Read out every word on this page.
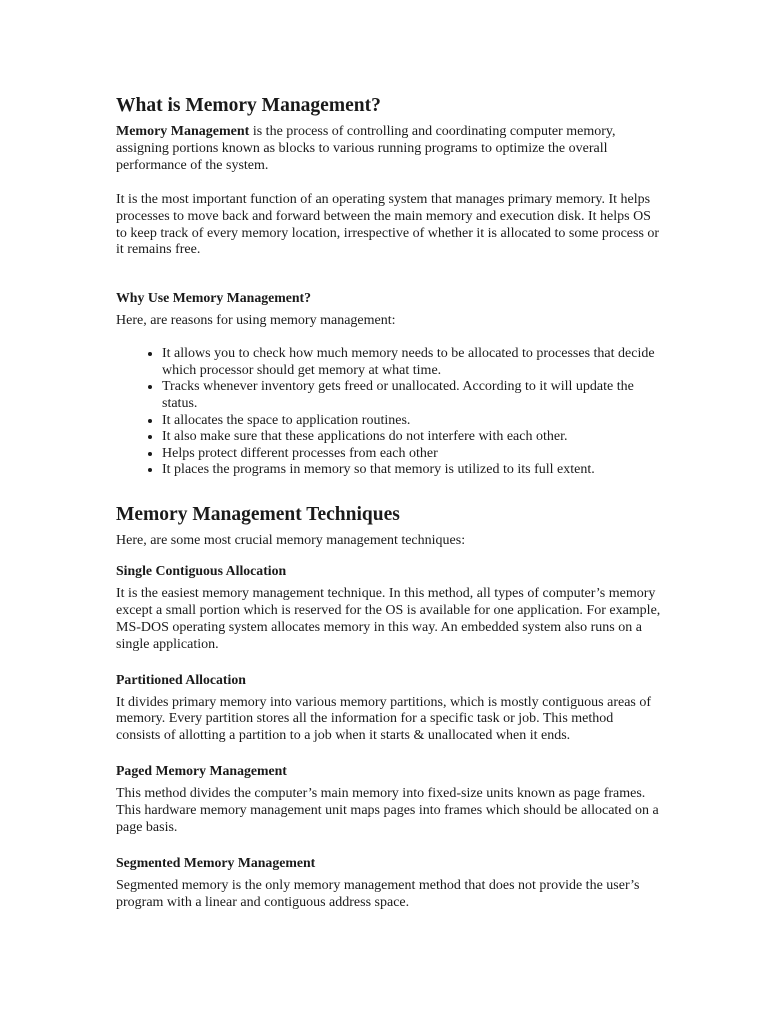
What is Memory Management?

Memory Management is the process of controlling and coordinating computer memory, assigning portions known as blocks to various running programs to optimize the overall performance of the system.

It is the most important function of an operating system that manages primary memory. It helps processes to move back and forward between the main memory and execution disk. It helps OS to keep track of every memory location, irrespective of whether it is allocated to some process or it remains free.

Why Use Memory Management?

Here, are reasons for using memory management:

• It allows you to check how much memory needs to be allocated to processes that decide which processor should get memory at what time.
• Tracks whenever inventory gets freed or unallocated. According to it will update the status.
• It allocates the space to application routines.
• It also make sure that these applications do not interfere with each other.
• Helps protect different processes from each other
• It places the programs in memory so that memory is utilized to its full extent.
Memory Management Techniques

Here, are some most crucial memory management techniques:

Single Contiguous Allocation

It is the easiest memory management technique. In this method, all types of computer’s memory except a small portion which is reserved for the OS is available for one application. For example, MS-DOS operating system allocates memory in this way. An embedded system also runs on a single application.

Partitioned Allocation

It divides primary memory into various memory partitions, which is mostly contiguous areas of memory. Every partition stores all the information for a specific task or job. This method consists of allotting a partition to a job when it starts & unallocated when it ends.

Paged Memory Management

This method divides the computer’s main memory into fixed-size units known as page frames. This hardware memory management unit maps pages into frames which should be allocated on a page basis.

Segmented Memory Management

Segmented memory is the only memory management method that does not provide the user’s program with a linear and contiguous address space.
